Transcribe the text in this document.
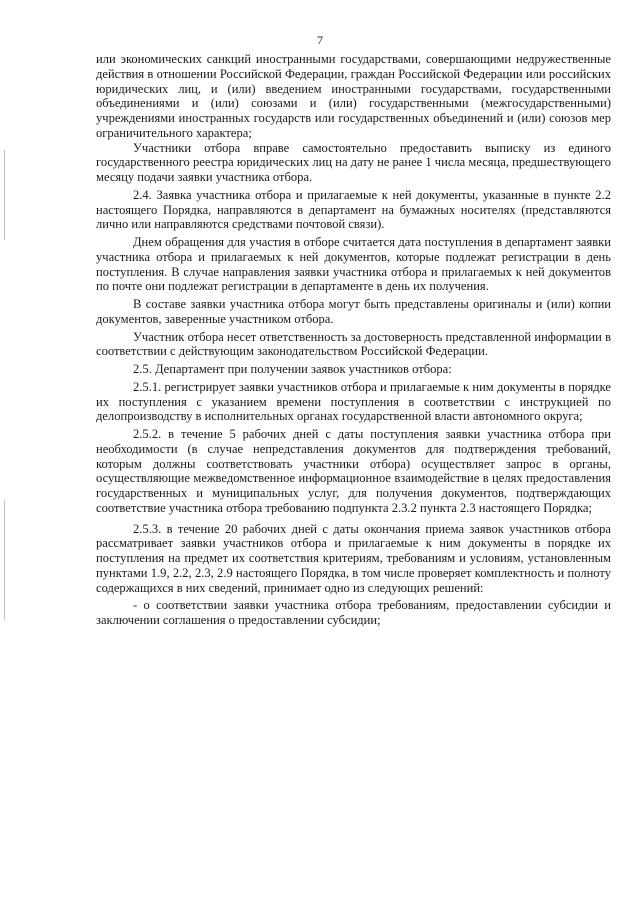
7

или экономических санкций иностранными государствами, совершающими недружественные действия в отношении Российской Федерации, граждан Российской Федерации или российских юридических лиц, и (или) введением иностранными государствами, государственными объединениями и (или) союзами и (или) государственными (межгосударственными) учреждениями иностранных государств или государственных объединений и (или) союзов мер ограничительного характера;

Участники отбора вправе самостоятельно предоставить выписку из единого государственного реестра юридических лиц на дату не ранее 1 числа месяца, предшествующего месяцу подачи заявки участника отбора.

2.4. Заявка участника отбора и прилагаемые к ней документы, указанные в пункте 2.2 настоящего Порядка, направляются в департамент на бумажных носителях (представляются лично или направляются средствами почтовой связи).

Днем обращения для участия в отборе считается дата поступления в департамент заявки участника отбора и прилагаемых к ней документов, которые подлежат регистрации в день поступления. В случае направления заявки участника отбора и прилагаемых к ней документов по почте они подлежат регистрации в департаменте в день их получения.

В составе заявки участника отбора могут быть представлены оригиналы и (или) копии документов, заверенные участником отбора.

Участник отбора несет ответственность за достоверность представленной информации в соответствии с действующим законодательством Российской Федерации.

2.5. Департамент при получении заявок участников отбора:

2.5.1. регистрирует заявки участников отбора и прилагаемые к ним документы в порядке их поступления с указанием времени поступления в соответствии с инструкцией по делопроизводству в исполнительных органах государственной власти автономного округа;

2.5.2. в течение 5 рабочих дней с даты поступления заявки участника отбора при необходимости (в случае непредставления документов для подтверждения требований, которым должны соответствовать участники отбора) осуществляет запрос в органы, осуществляющие межведомственное информационное взаимодействие в целях предоставления государственных и муниципальных услуг, для получения документов, подтверждающих соответствие участника отбора требованию подпункта 2.3.2 пункта 2.3 настоящего Порядка;

2.5.3. в течение 20 рабочих дней с даты окончания приема заявок участников отбора рассматривает заявки участников отбора и прилагаемые к ним документы в порядке их поступления на предмет их соответствия критериям, требованиям и условиям, установленным пунктами 1.9, 2.2, 2.3, 2.9 настоящего Порядка, в том числе проверяет комплектность и полноту содержащихся в них сведений, принимает одно из следующих решений:

- о соответствии заявки участника отбора требованиям, предоставлении субсидии и заключении соглашения о предоставлении субсидии;
